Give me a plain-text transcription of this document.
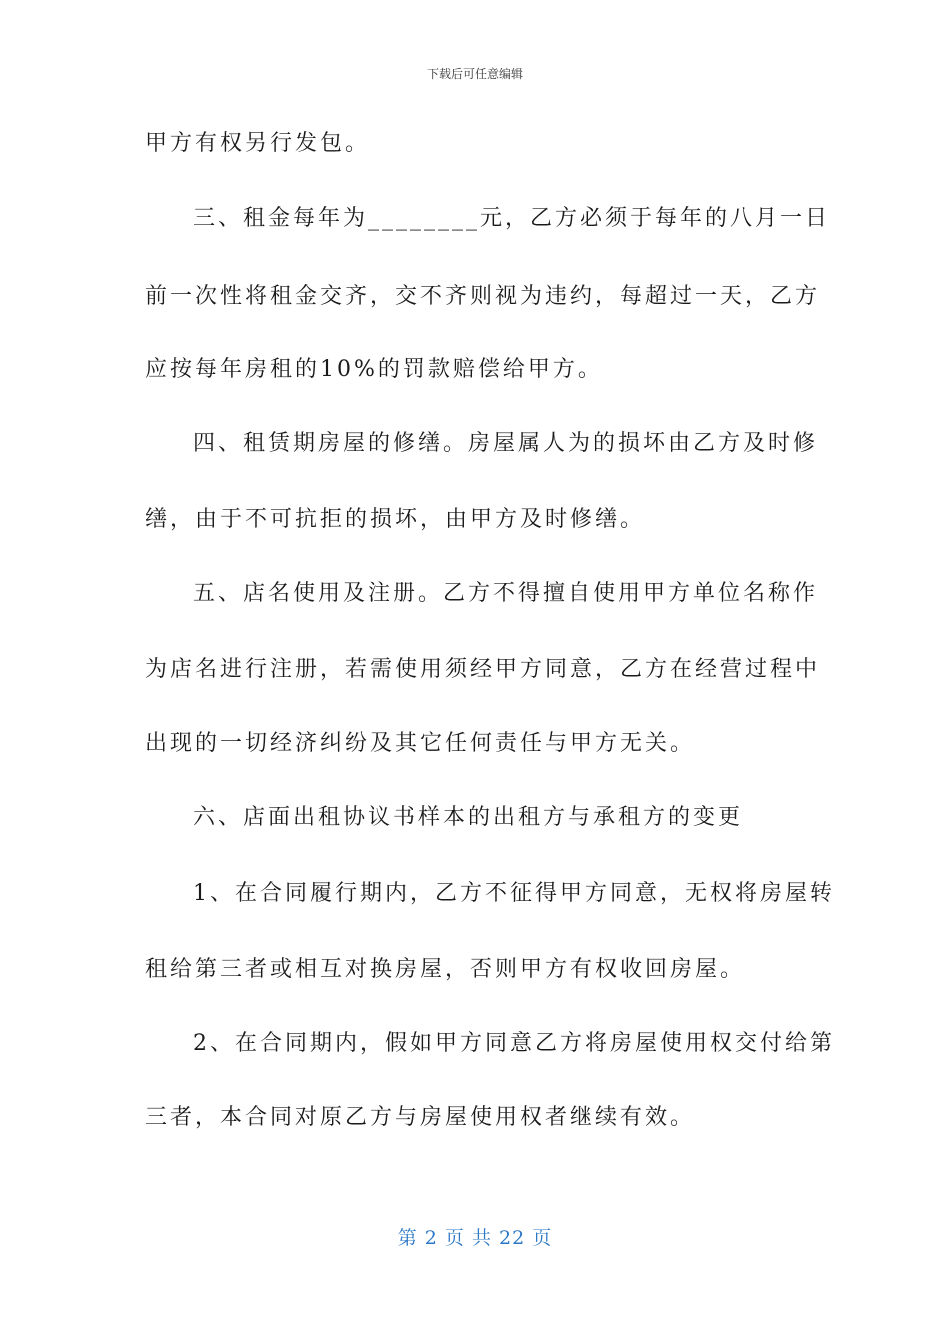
下载后可任意编辑
甲方有权另行发包。
三、租金每年为________元，乙方必须于每年的八月一日
前一次性将租金交齐，交不齐则视为违约，每超过一天，乙方
应按每年房租的10%的罚款赔偿给甲方。
四、租赁期房屋的修缮。房屋属人为的损坏由乙方及时修
缮，由于不可抗拒的损坏，由甲方及时修缮。
五、店名使用及注册。乙方不得擅自使用甲方单位名称作
为店名进行注册，若需使用须经甲方同意，乙方在经营过程中
出现的一切经济纠纷及其它任何责任与甲方无关。
六、店面出租协议书样本的出租方与承租方的变更
1、在合同履行期内，乙方不征得甲方同意，无权将房屋转
租给第三者或相互对换房屋，否则甲方有权收回房屋。
2、在合同期内，假如甲方同意乙方将房屋使用权交付给第
三者，本合同对原乙方与房屋使用权者继续有效。
第 2 页 共 22 页
